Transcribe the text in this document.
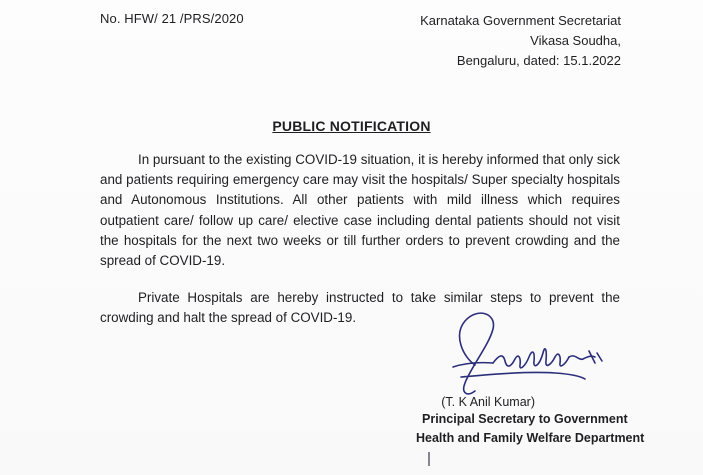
No. HFW/ 21 /PRS/2020	Karnataka Government Secretariat
Vikasa Soudha,
Bengaluru, dated: 15.1.2022
PUBLIC NOTIFICATION
In pursuant to the existing COVID-19 situation, it is hereby informed that only sick and patients requiring emergency care may visit the hospitals/ Super specialty hospitals and Autonomous Institutions. All other patients with mild illness which requires outpatient care/ follow up care/ elective case including dental patients should not visit the hospitals for the next two weeks or till further orders to prevent crowding and the spread of COVID-19.
Private Hospitals are hereby instructed to take similar steps to prevent the crowding and halt the spread of COVID-19.
(T. K Anil Kumar)
Principal Secretary to Government
Health and Family Welfare Department
